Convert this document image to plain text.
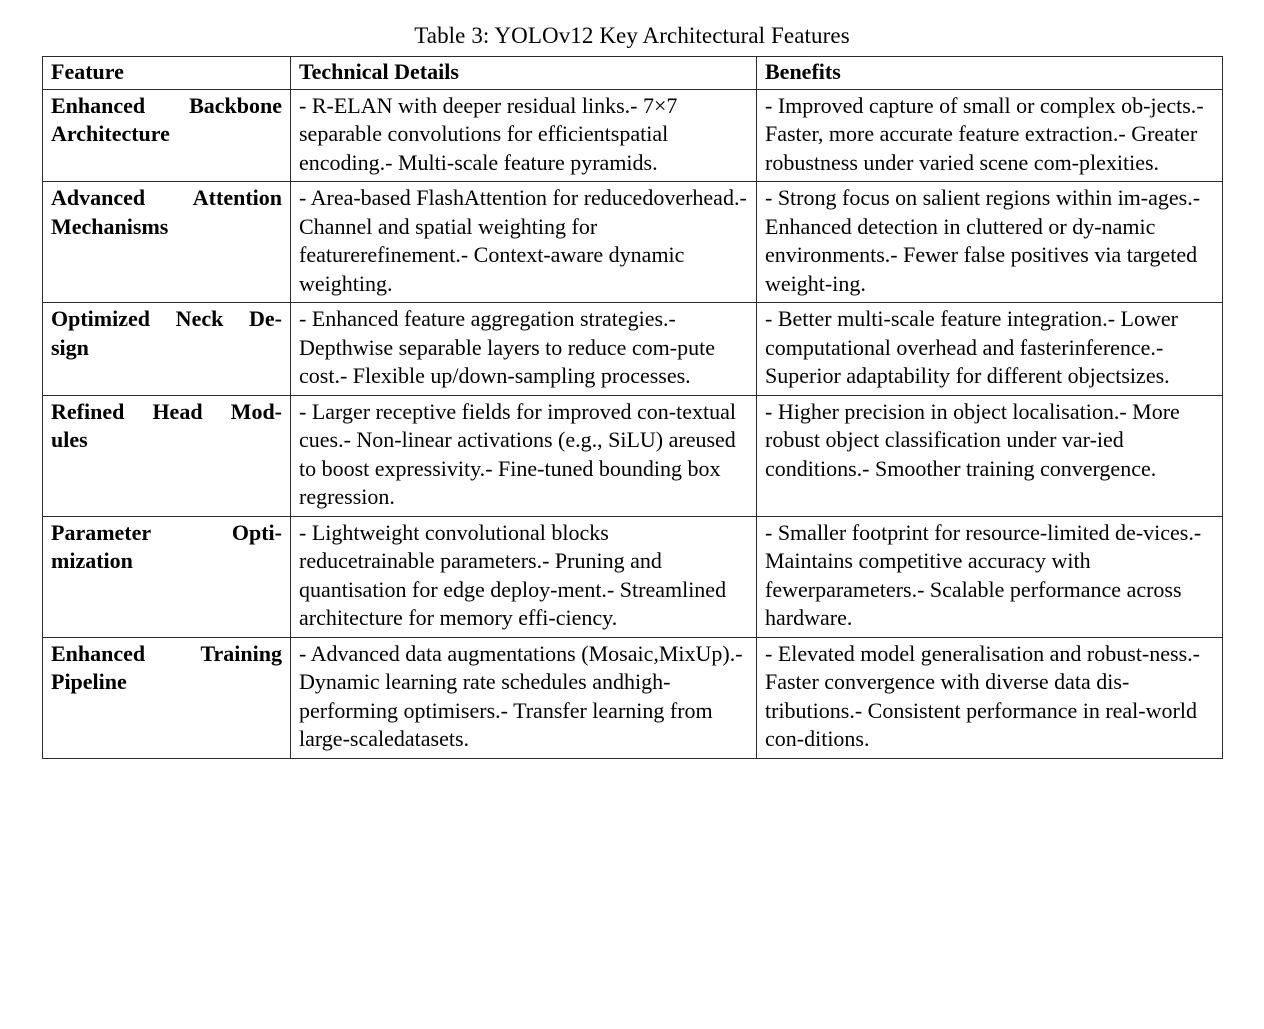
Table 3: YOLOv12 Key Architectural Features
Feature	Technical Details	Benefits

Enhanced Backbone
Architecture	- R-ELAN with deeper residual links.- 7×7 separable convolutions for efficientspatial encoding.- Multi-scale feature pyramids.	- Improved capture of small or complex ob-jects.- Faster, more accurate feature extraction.- Greater robustness under varied scene com-plexities.

Advanced Attention
Mechanisms	- Area-based FlashAttention for reducedoverhead.- Channel and spatial weighting for featurerefinement.- Context-aware dynamic weighting.	- Strong focus on salient regions within im-ages.- Enhanced detection in cluttered or dy-namic environments.- Fewer false positives via targeted weight-ing.

Optimized Neck De-
sign	- Enhanced feature aggregation strategies.- Depthwise separable layers to reduce com-pute cost.- Flexible up/down-sampling processes.	- Better multi-scale feature integration.- Lower computational overhead and fasterinference.- Superior adaptability for different objectsizes.

Refined Head Mod-
ules	- Larger receptive fields for improved con-textual cues.- Non-linear activations (e.g., SiLU) areused to boost expressivity.- Fine-tuned bounding box regression.	- Higher precision in object localisation.- More robust object classification under var-ied conditions.- Smoother training convergence.

Parameter Opti-
mization	- Lightweight convolutional blocks reducetrainable parameters.- Pruning and quantisation for edge deploy-ment.- Streamlined architecture for memory effi-ciency.	- Smaller footprint for resource-limited de-vices.- Maintains competitive accuracy with fewerparameters.- Scalable performance across hardware.

Enhanced Training
Pipeline	- Advanced data augmentations (Mosaic,MixUp).- Dynamic learning rate schedules andhigh-performing optimisers.- Transfer learning from large-scaledatasets.	- Elevated model generalisation and robust-ness.- Faster convergence with diverse data dis-tributions.- Consistent performance in real-world con-ditions.
